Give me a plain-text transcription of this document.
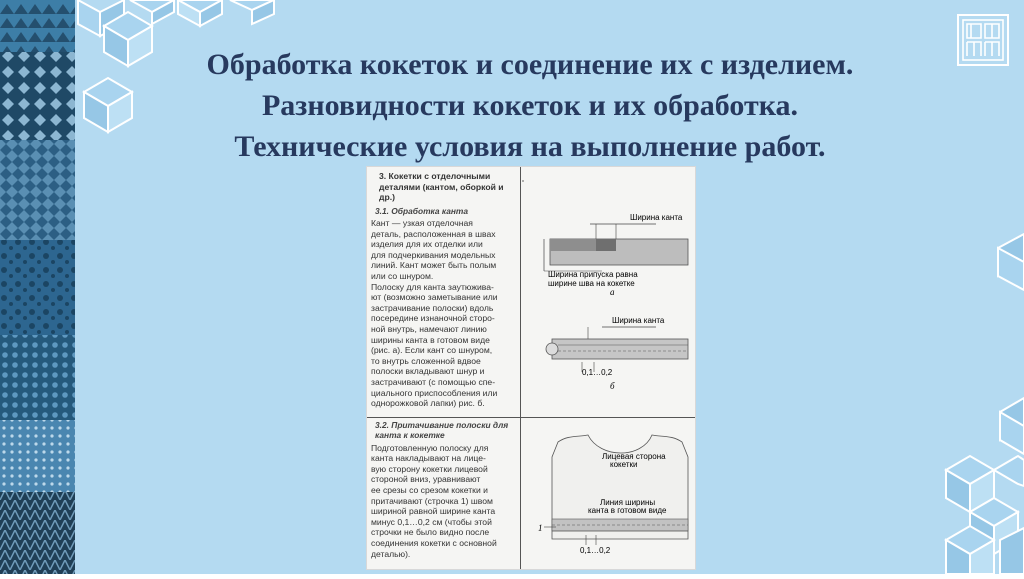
Обработка кокеток и соединение их с изделием.
Разновидности кокеток и их обработка.
Технические условия на выполнение работ.

3. Кокетки с отделочными деталями (кантом, оборкой и др.)

3.1. Обработка канта

Кант — узкая отделочная

деталь, расположенная в швах

изделия для их отделки или

для подчеркивания модельных

линий. Кант может быть полым

или со шнуром.

Полоску для канта заутюжива-

ют (возможно заметывание или

застрачивание полоски) вдоль

посередине изнаночной сторо-

ной внутрь, намечают линию

ширины канта в готовом виде

(рис. а). Если кант со шнуром,

то внутрь сложенной вдвое

полоски вкладывают шнур и

застрачивают (с помощью спе-

циального приспособления или

однорожковой лапки) рис. б.

3.2. Притачивание полоски для канта к кокетке

Подготовленную полоску для

канта накладывают на лице-

вую сторону кокетки лицевой

стороной вниз, уравнивают

ее срезы со срезом кокетки и

притачивают (строчка 1) швом

шириной равной ширине канта

минус 0,1…0,2 см (чтобы этой

строчки не было видно после

соединения кокетки с основной

деталью).

Ширина канта
Ширина припуска равна
ширине шва на кокетке
а
Ширина канта
0,1…0,2
б
Лицевая сторона
кокетки
Линия ширины
канта в готовом виде
0,1…0,2
1
